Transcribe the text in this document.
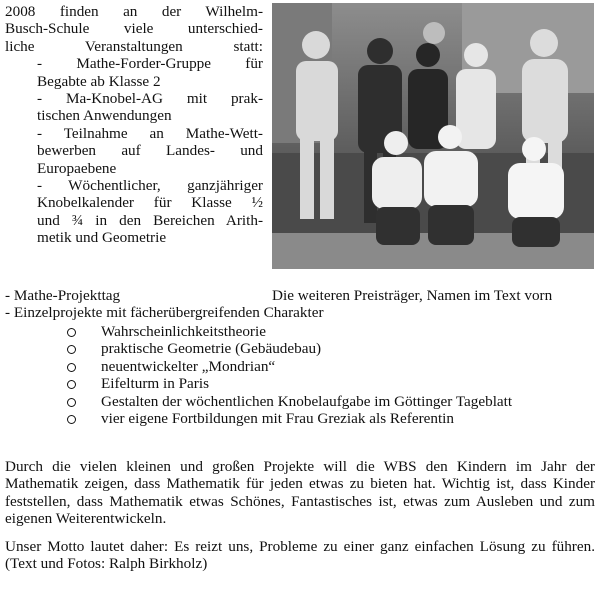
2008 finden an der Wilhelm-
Busch-Schule viele unterschied-
liche Veranstaltungen statt:
- Mathe-Forder-Gruppe für
Begabte ab Klasse 2
- Ma-Knobel-AG mit prak-
tischen Anwendungen
- Teilnahme an Mathe-Wett-
bewerben auf Landes- und
Europaebene
- Wöchentlicher, ganzjähriger
Knobelkalender für Klasse ½
und ¾ in den Bereichen Arith-
metik und Geometrie
- Mathe-Projekttag
- Einzelprojekte mit fächerübergreifenden Charakter
Die weiteren Preisträger, Namen im Text vorn
Wahrscheinlichkeitstheorie
praktische Geometrie (Gebäudebau)
neuentwickelter „Mondrian“
Eifelturm in Paris
Gestalten der wöchentlichen Knobelaufgabe im Göttinger Tageblatt
vier eigene Fortbildungen mit Frau Greziak als Referentin

Durch die vielen kleinen und großen Projekte will die WBS den Kindern im Jahr der Mathematik zeigen, dass Mathematik für jeden etwas zu bieten hat. Wichtig ist, dass Kinder feststellen, dass Mathematik etwas Schönes, Fantastisches ist, etwas zum Ausleben und zum eigenen Weiterentwickeln.

Unser Motto lautet daher: Es reizt uns, Probleme zu einer ganz einfachen Lösung zu führen. (Text und Fotos: Ralph Birkholz)
